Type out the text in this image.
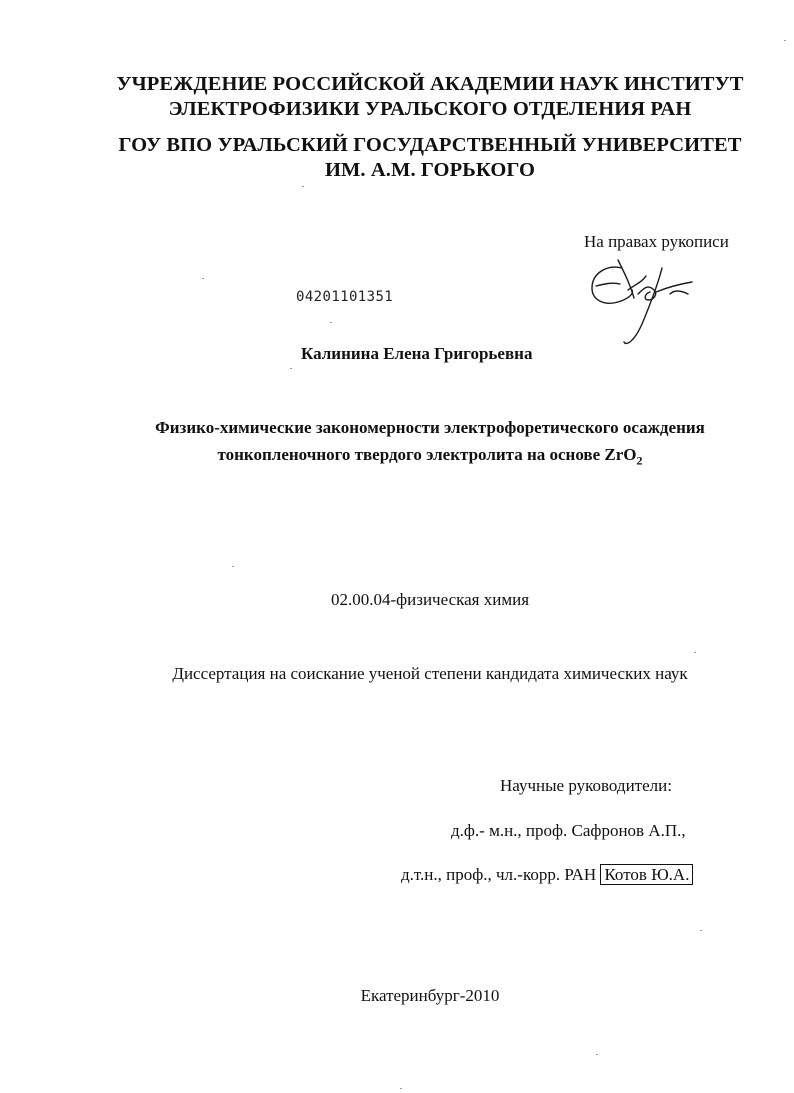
УЧРЕЖДЕНИЕ РОССИЙСКОЙ АКАДЕМИИ НАУК ИНСТИТУТ
ЭЛЕКТРОФИЗИКИ УРАЛЬСКОГО ОТДЕЛЕНИЯ РАН
ГОУ ВПО УРАЛЬСКИЙ ГОСУДАРСТВЕННЫЙ УНИВЕРСИТЕТ
ИМ. А.М. ГОРЬКОГО
На правах рукописи
04201101351
Калинина Елена Григорьевна
Физико-химические закономерности электрофоретического осаждения
тонкопленочного твердого электролита на основе ZrO$_2$
02.00.04-физическая химия
Диссертация на соискание ученой степени кандидата химических наук
Научные руководители:
д.ф.- м.н., проф. Сафронов А.П.,
д.т.н., проф., чл.-корр. РАН Котов Ю.А.
Екатеринбург-2010
